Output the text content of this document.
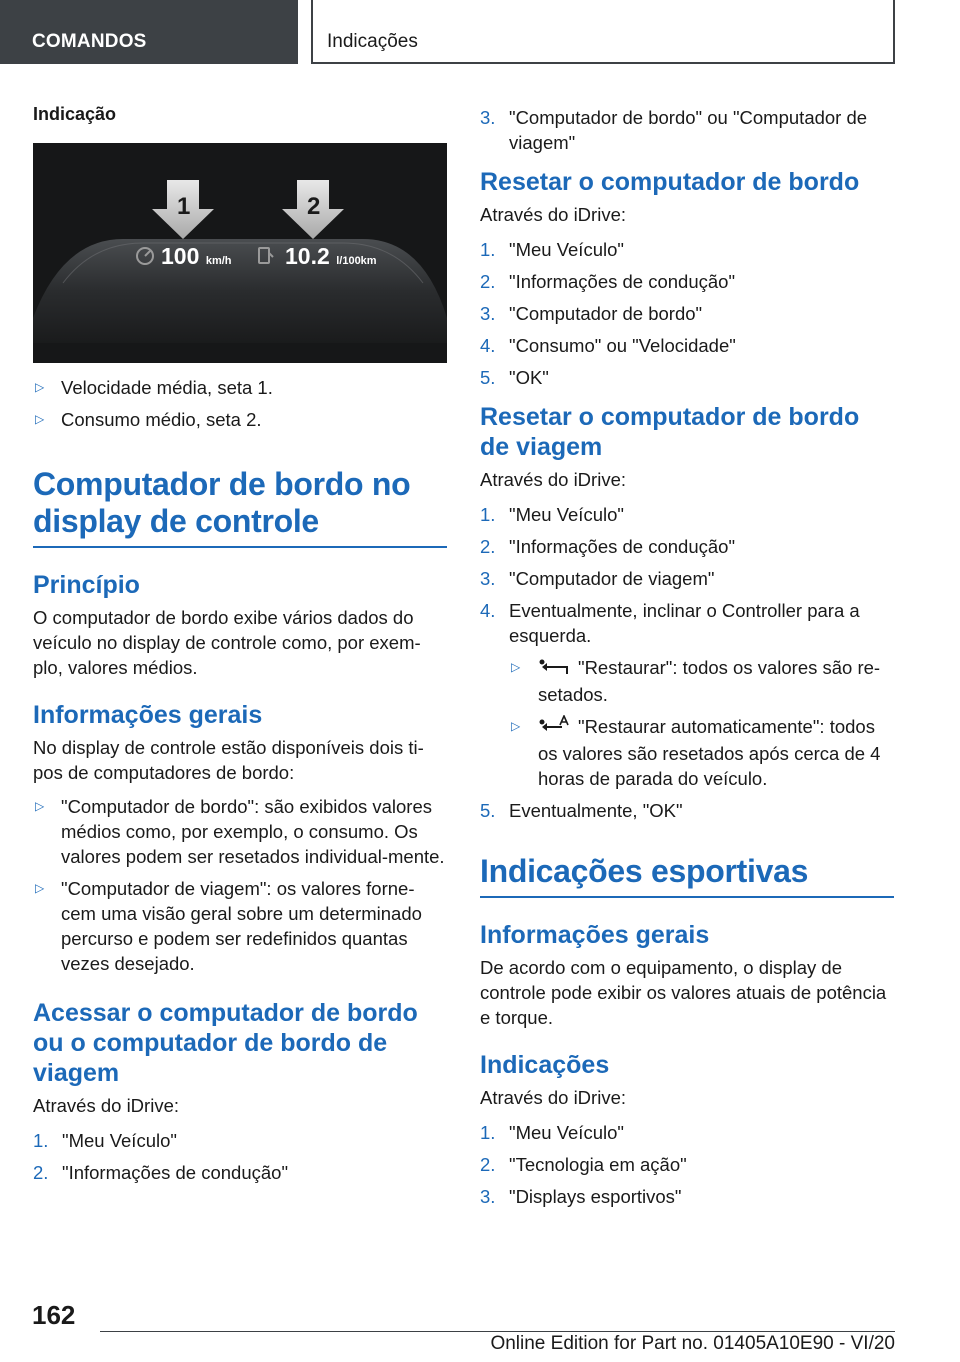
COMANDOS	Indicações
Indicação
1	2
100 km/h 10.2 l/100km
▷ Velocidade média, seta 1.
▷ Consumo médio, seta 2.
Computador de bordo no display de controle
Princípio

O computador de bordo exibe vários dados do veículo no display de controle como, por exem-plo, valores médios.

Informações gerais

No display de controle estão disponíveis dois ti-pos de computadores de bordo:

▷ "Computador de bordo": são exibidos valores médios como, por exemplo, o consumo. Os valores podem ser resetados individual-mente.
▷ "Computador de viagem": os valores forne-cem uma visão geral sobre um determinado percurso e podem ser redefinidos quantas vezes desejado.
Acessar o computador de bordo ou o computador de bordo de viagem

Através do iDrive:

1. "Meu Veículo"
2. "Informações de condução"
3. "Computador de bordo" ou "Computador de viagem"
Resetar o computador de bordo

Através do iDrive:

1. "Meu Veículo"
2. "Informações de condução"
3. "Computador de bordo"
4. "Consumo" ou "Velocidade"
5. "OK"
Resetar o computador de bordo de viagem

Através do iDrive:

1. "Meu Veículo"
2. "Informações de condução"
3. "Computador de viagem"
4. Eventualmente, inclinar o Controller para a esquerda.
▷	"Restaurar": todos os valores são re-setados.
▷	"Restaurar automaticamente": todos os valores são resetados após cerca de 4 horas de parada do veículo.
5. Eventualmente, "OK"
Indicações esportivas
Informações gerais

De acordo com o equipamento, o display de controle pode exibir os valores atuais de potência e torque.

Indicações

Através do iDrive:

1. "Meu Veículo"
2. "Tecnologia em ação"
3. "Displays esportivos"
162
Online Edition for Part no. 01405A10E90 - VI/20
